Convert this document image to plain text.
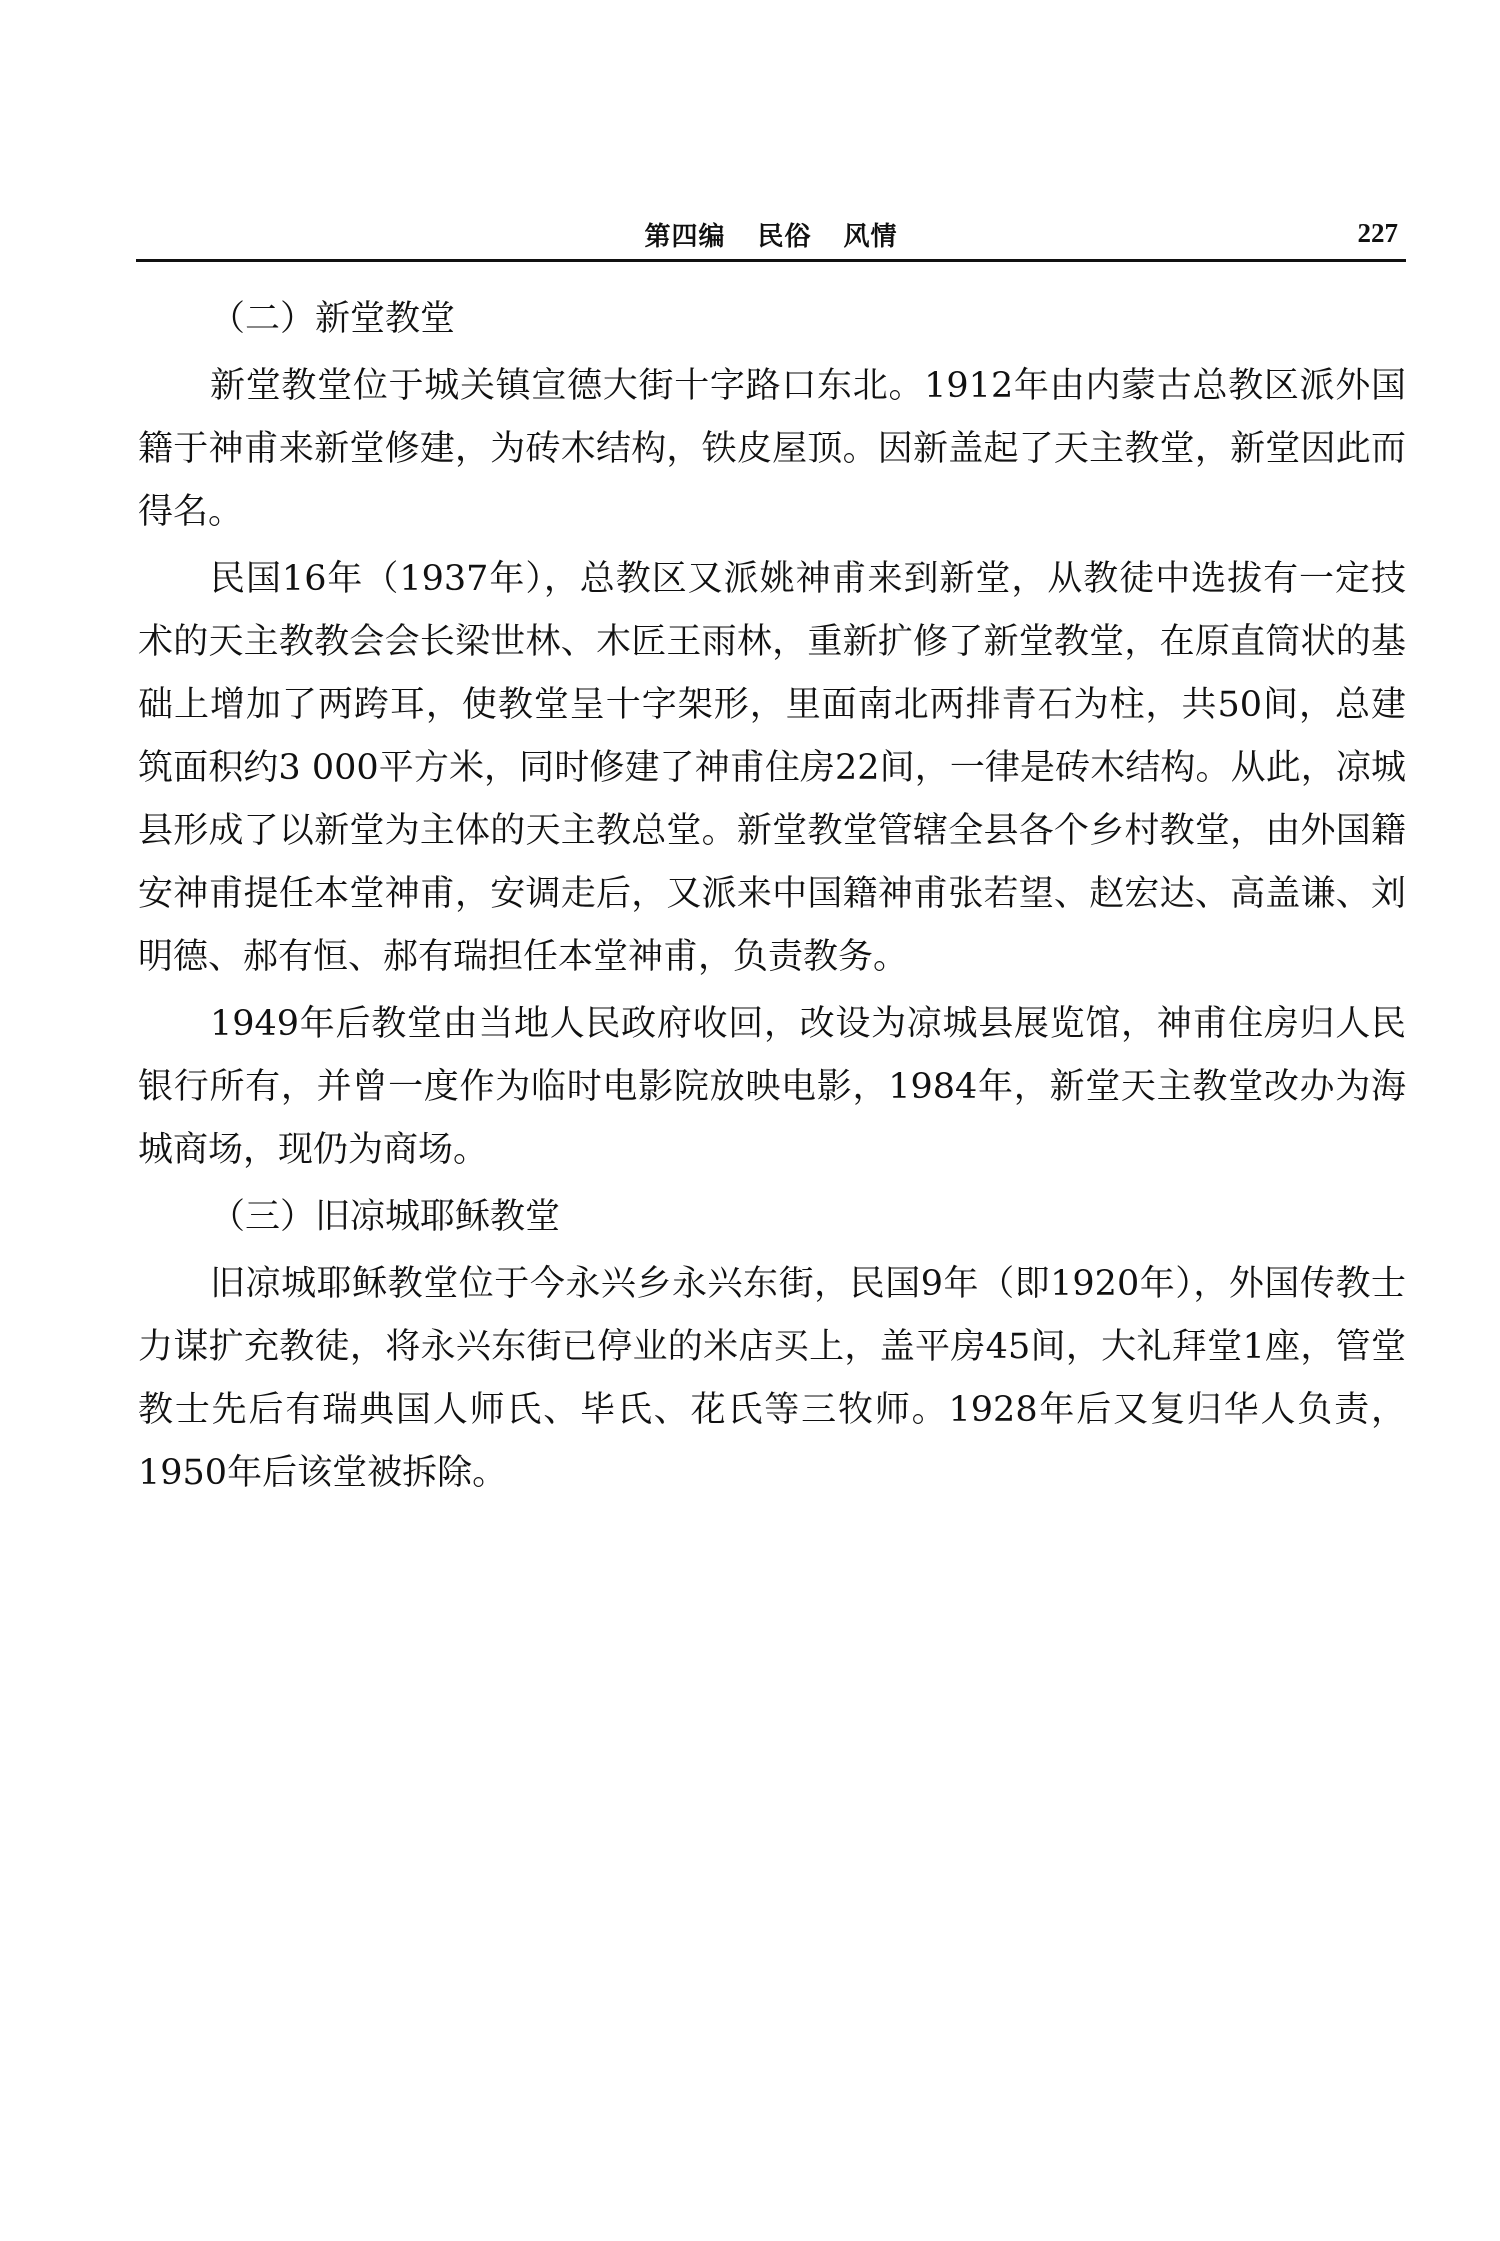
第四编 民俗 风情	227
（二）新堂教堂

新堂教堂位于城关镇宣德大街十字路口东北。1912年由内蒙古总教区派外国籍于神甫来新堂修建，为砖木结构，铁皮屋顶。因新盖起了天主教堂，新堂因此而得名。

民国16年（1937年），总教区又派姚神甫来到新堂，从教徒中选拔有一定技术的天主教教会会长梁世林、木匠王雨林，重新扩修了新堂教堂，在原直筒状的基础上增加了两跨耳，使教堂呈十字架形，里面南北两排青石为柱，共50间，总建筑面积约3 000平方米，同时修建了神甫住房22间，一律是砖木结构。从此，凉城县形成了以新堂为主体的天主教总堂。新堂教堂管辖全县各个乡村教堂，由外国籍安神甫提任本堂神甫，安调走后，又派来中国籍神甫张若望、赵宏达、高盖谦、刘明德、郝有恒、郝有瑞担任本堂神甫，负责教务。

1949年后教堂由当地人民政府收回，改设为凉城县展览馆，神甫住房归人民银行所有，并曾一度作为临时电影院放映电影，1984年，新堂天主教堂改办为海城商场，现仍为商场。

（三）旧凉城耶稣教堂

旧凉城耶稣教堂位于今永兴乡永兴东街，民国9年（即1920年），外国传教士力谋扩充教徒，将永兴东街已停业的米店买上，盖平房45间，大礼拜堂1座，管堂教士先后有瑞典国人师氏、毕氏、花氏等三牧师。1928年后又复归华人负责，1950年后该堂被拆除。
